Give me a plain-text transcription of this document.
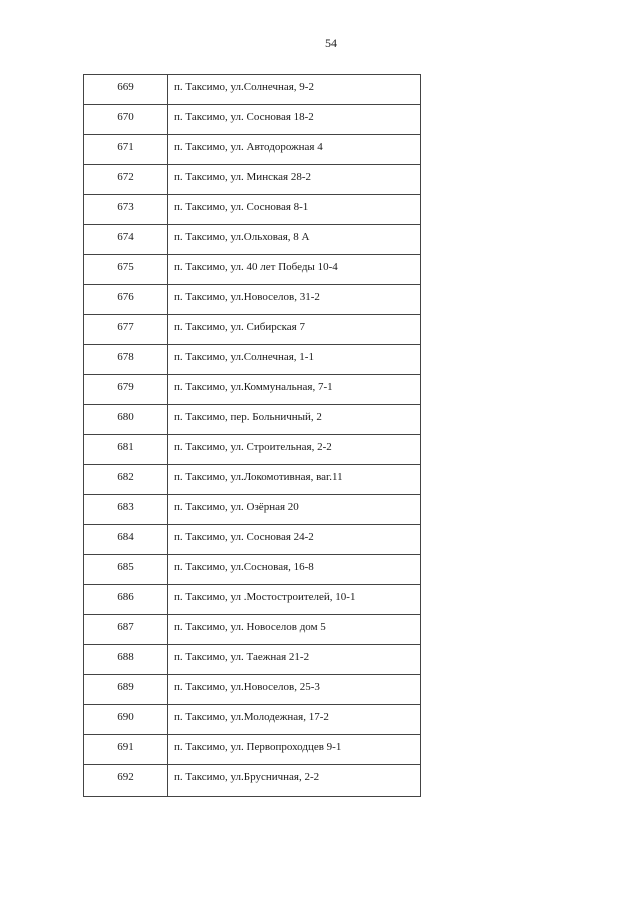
54
669	п. Таксимо, ул.Солнечная, 9-2
670	п. Таксимо, ул. Сосновая 18-2
671	п. Таксимо, ул. Автодорожная 4
672	п. Таксимо, ул. Минская 28-2
673	п. Таксимо, ул. Сосновая 8-1
674	п. Таксимо, ул.Ольховая, 8 А
675	п. Таксимо, ул. 40 лет Победы 10-4
676	п. Таксимо, ул.Новоселов, 31-2
677	п. Таксимо, ул. Сибирская 7
678	п. Таксимо, ул.Солнечная, 1-1
679	п. Таксимо, ул.Коммунальная, 7-1
680	п. Таксимо, пер. Больничный, 2
681	п. Таксимо, ул. Строительная, 2-2
682	п. Таксимо, ул.Локомотивная, ваг.11
683	п. Таксимо, ул. Озёрная 20
684	п. Таксимо, ул. Сосновая 24-2
685	п. Таксимо, ул.Сосновая, 16-8
686	п. Таксимо, ул .Мостостроителей, 10-1
687	п. Таксимо, ул. Новоселов дом 5
688	п. Таксимо, ул. Таежная 21-2
689	п. Таксимо, ул.Новоселов, 25-3
690	п. Таксимо, ул.Молодежная, 17-2
691	п. Таксимо, ул. Первопроходцев 9-1
692	п. Таксимо, ул.Брусничная, 2-2
